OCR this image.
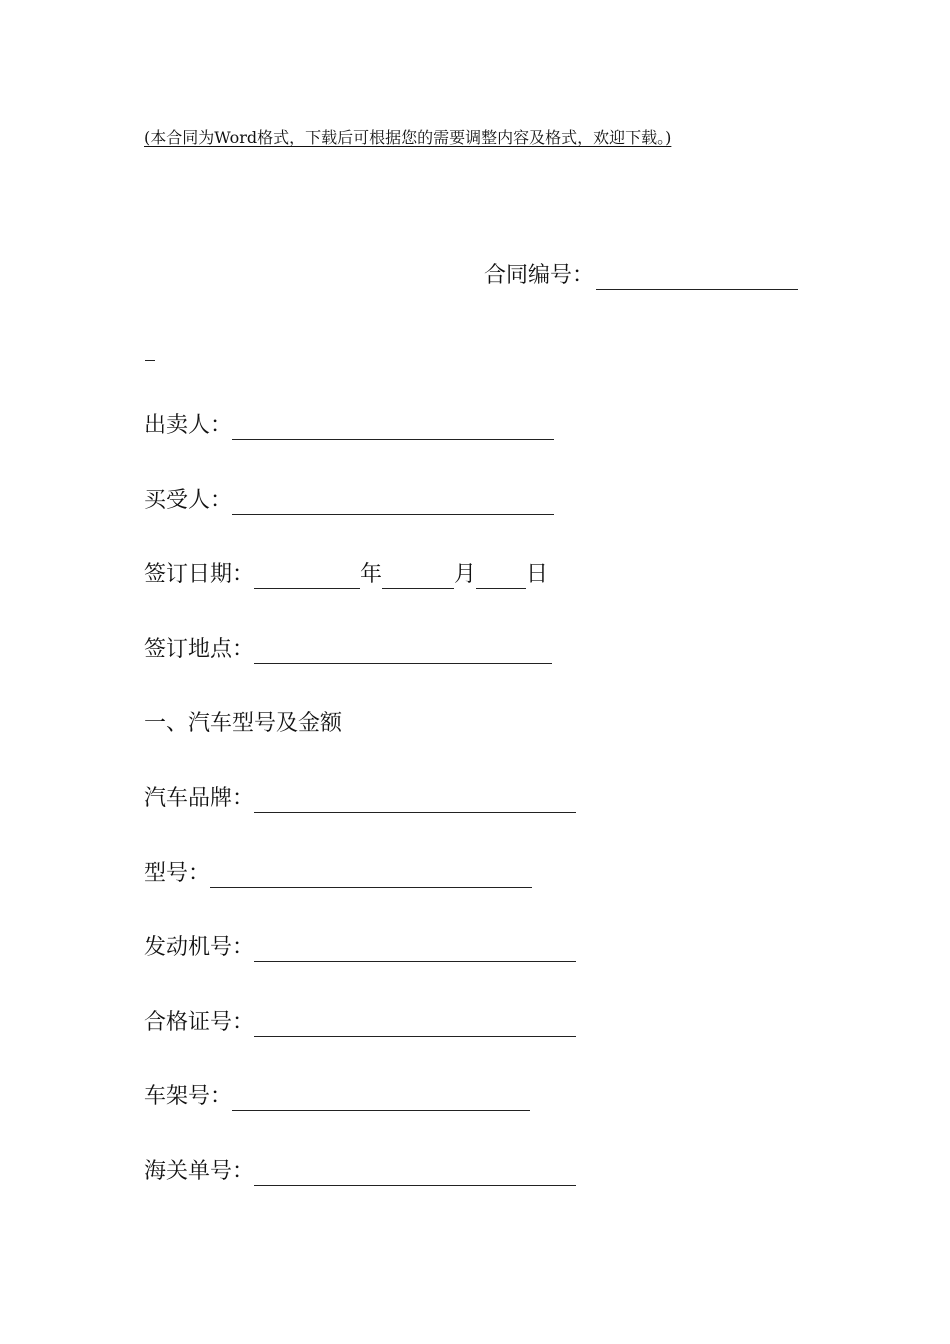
(本合同为Word格式，下载后可根据您的需要调整内容及格式，欢迎下载。)
合同编号：
出卖人：
买受人：
签订日期：	年	月 日
签订地点：
一、汽车型号及金额
汽车品牌：
型号：
发动机号：
合格证号：
车架号：
海关单号：
